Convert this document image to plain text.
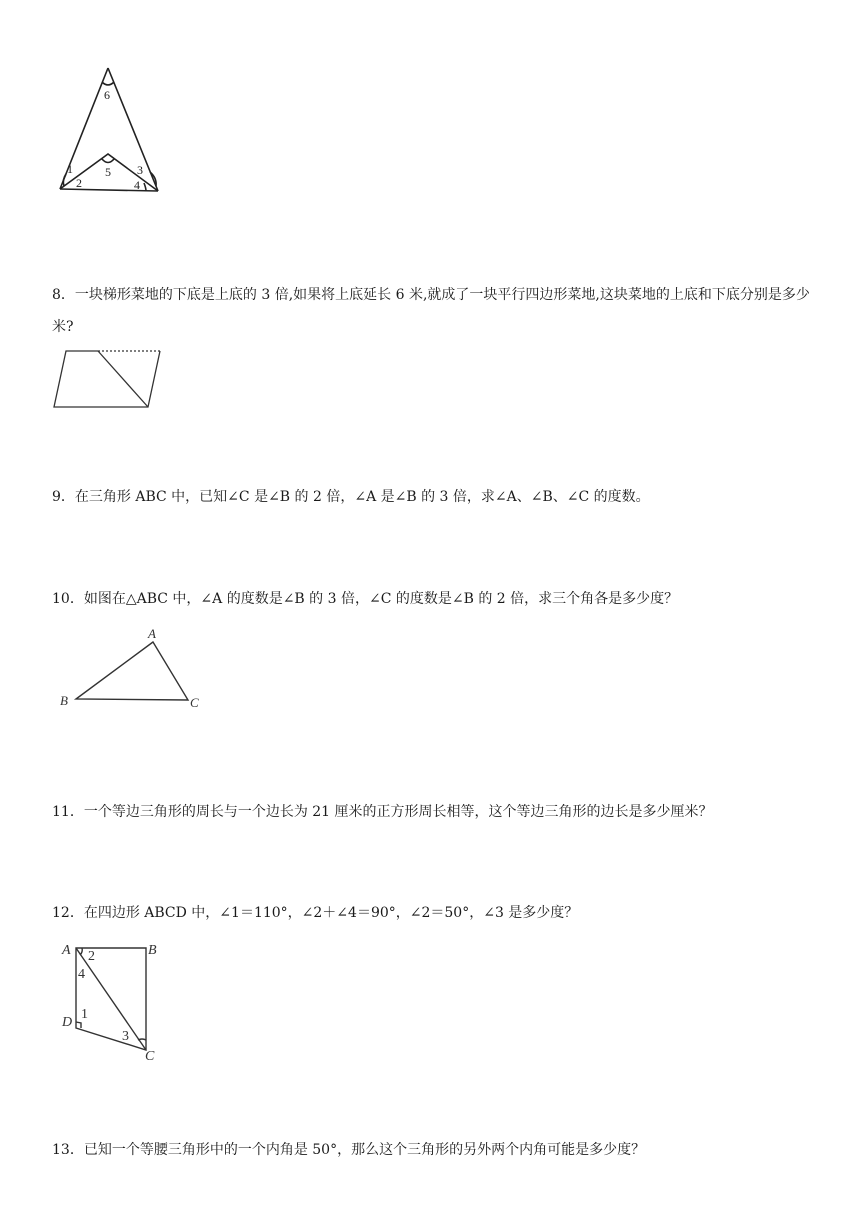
6
1
2
5 3
4
8．一块梯形菜地的下底是上底的 3 倍,如果将上底延长 6 米,就成了一块平行四边形菜地,这块菜地的上底和下底分别是多少米?
9．在三角形 ABC 中，已知∠C 是∠B 的 2 倍，∠A 是∠B 的 3 倍，求∠A、∠B、∠C 的度数。
10．如图在△ABC 中，∠A 的度数是∠B 的 3 倍，∠C 的度数是∠B 的 2 倍，求三个角各是多少度？
A
B	C
11．一个等边三角形的周长与一个边长为 21 厘米的正方形周长相等，这个等边三角形的边长是多少厘米？
12．在四边形 ABCD 中，∠1＝110°，∠2＋∠4＝90°，∠2＝50°，∠3 是多少度？
A	B
C
D
1
2
3
4
13．已知一个等腰三角形中的一个内角是 50°，那么这个三角形的另外两个内角可能是多少度？
